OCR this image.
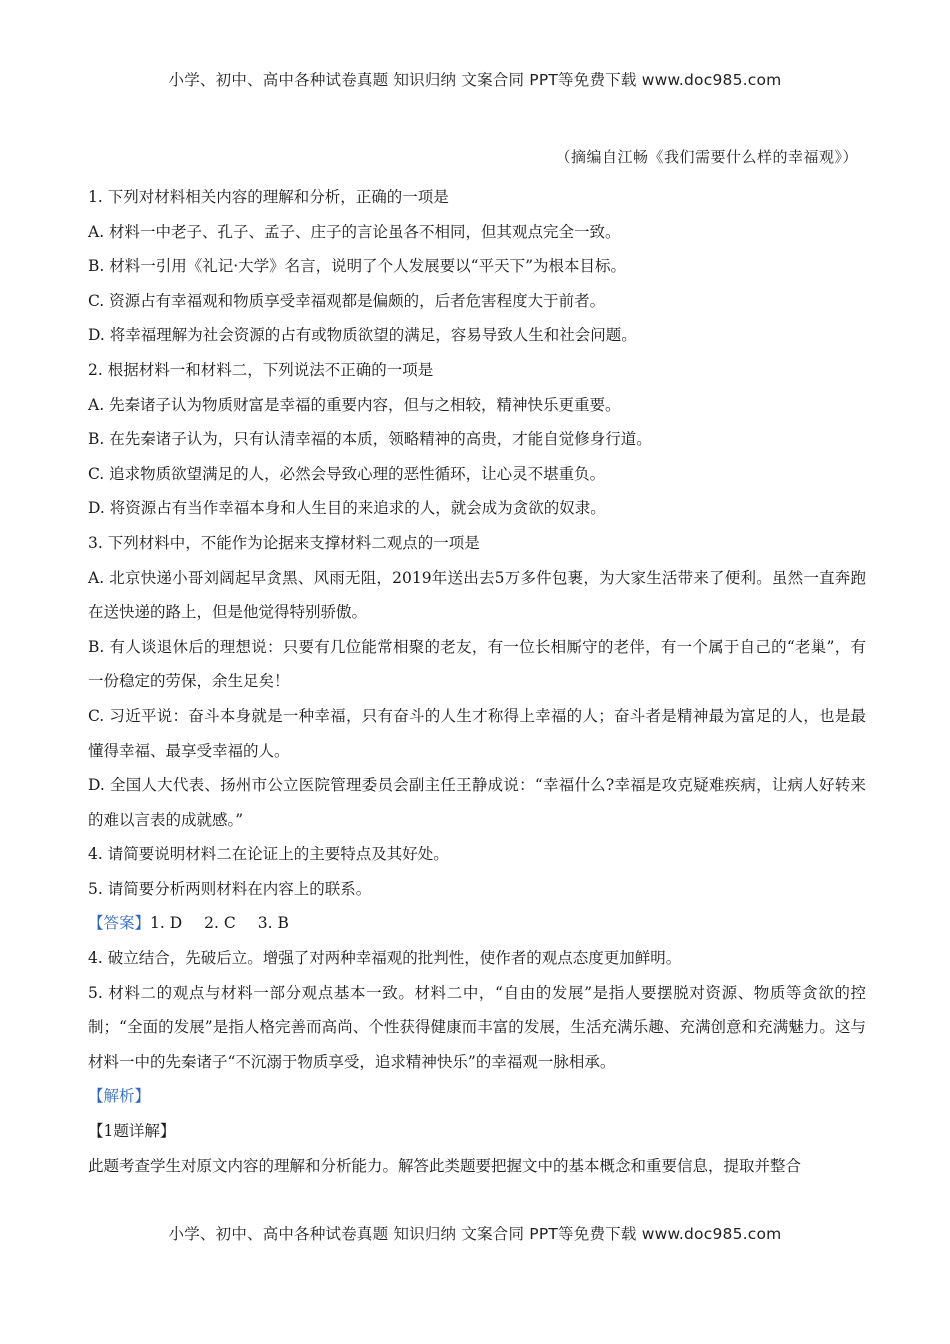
小学、初中、高中各种试卷真题 知识归纳 文案合同 PPT等免费下载 www.doc985.com
（摘编自江畅《我们需要什么样的幸福观》）

1. 下列对材料相关内容的理解和分析，正确的一项是

A. 材料一中老子、孔子、孟子、庄子的言论虽各不相同，但其观点完全一致。

B. 材料一引用《礼记·大学》名言，说明了个人发展要以“平天下”为根本目标。

C. 资源占有幸福观和物质享受幸福观都是偏颇的，后者危害程度大于前者。

D. 将幸福理解为社会资源的占有或物质欲望的满足，容易导致人生和社会问题。

2. 根据材料一和材料二，下列说法不正确的一项是

A. 先秦诸子认为物质财富是幸福的重要内容，但与之相较，精神快乐更重要。

B. 在先秦诸子认为，只有认清幸福的本质，领略精神的高贵，才能自觉修身行道。

C. 追求物质欲望满足的人，必然会导致心理的恶性循环，让心灵不堪重负。

D. 将资源占有当作幸福本身和人生目的来追求的人，就会成为贪欲的奴隶。

3. 下列材料中，不能作为论据来支撑材料二观点的一项是

A. 北京快递小哥刘阔起早贪黑、风雨无阻，2019年送出去5万多件包裹，为大家生活带来了便利。虽然一直奔跑在送快递的路上，但是他觉得特别骄傲。

B. 有人谈退休后的理想说：只要有几位能常相聚的老友，有一位长相厮守的老伴，有一个属于自己的“老巢”，有一份稳定的劳保，余生足矣！

C. 习近平说：奋斗本身就是一种幸福，只有奋斗的人生才称得上幸福的人；奋斗者是精神最为富足的人，也是最懂得幸福、最享受幸福的人。

D. 全国人大代表、扬州市公立医院管理委员会副主任王静成说：“幸福什么?幸福是攻克疑难疾病，让病人好转来的难以言表的成就感。”

4. 请简要说明材料二在论证上的主要特点及其好处。

5. 请简要分析两则材料在内容上的联系。

【答案】1. D 2. C 3. B

4. 破立结合，先破后立。增强了对两种幸福观的批判性，使作者的观点态度更加鲜明。

5. 材料二的观点与材料一部分观点基本一致。材料二中，“自由的发展”是指人要摆脱对资源、物质等贪欲的控制；“全面的发展”是指人格完善而高尚、个性获得健康而丰富的发展，生活充满乐趣、充满创意和充满魅力。这与材料一中的先秦诸子“不沉溺于物质享受，追求精神快乐”的幸福观一脉相承。

【解析】

【1题详解】

此题考查学生对原文内容的理解和分析能力。解答此类题要把握文中的基本概念和重要信息，提取并整合

小学、初中、高中各种试卷真题 知识归纳 文案合同 PPT等免费下载 www.doc985.com
